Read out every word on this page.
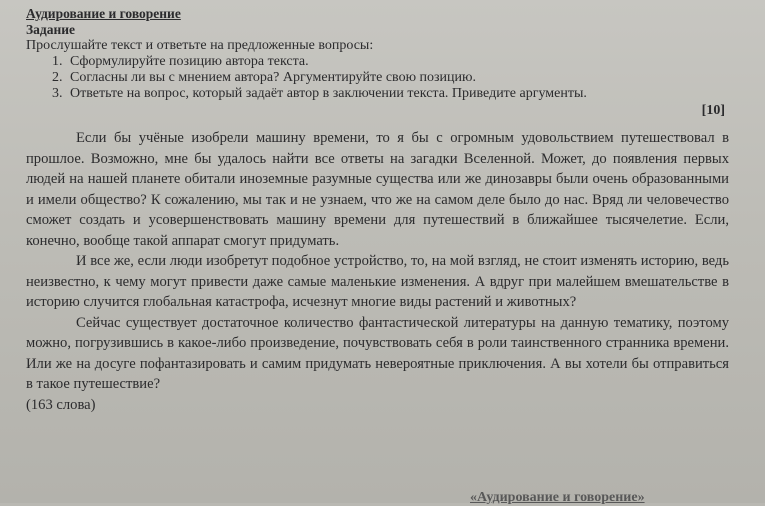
Аудирование и говорение

Задание

Прослушайте текст и ответьте на предложенные вопросы:

1. Сформулируйте позицию автора текста.
2. Согласны ли вы с мнением автора? Аргументируйте свою позицию.
3. Ответьте на вопрос, который задаёт автор в заключении текста. Приведите аргументы.

[10]

Если бы учёные изобрели машину времени, то я бы с огромным удовольствием путешествовал в прошлое. Возможно, мне бы удалось найти все ответы на загадки Вселенной. Может, до появления первых людей на нашей планете обитали иноземные разумные существа или же динозавры были очень образованными и имели общество? К сожалению, мы так и не узнаем, что же на самом деле было до нас. Вряд ли человечество сможет создать и усовершенствовать машину времени для путешествий в ближайшее тысячелетие. Если, конечно, вообще такой аппарат смогут придумать.

И все же, если люди изобретут подобное устройство, то, на мой взгляд, не стоит изменять историю, ведь неизвестно, к чему могут привести даже самые маленькие изменения. А вдруг при малейшем вмешательстве в историю случится глобальная катастрофа, исчезнут многие виды растений и животных?

Сейчас существует достаточное количество фантастической литературы на данную тематику, поэтому можно, погрузившись в какое-либо произведение, почувствовать себя в роли таинственного странника времени. Или же на досуге пофантазировать и самим придумать невероятные приключения. А вы хотели бы отправиться в такое путешествие?

(163 слова)

«Аудирование и говорение»
